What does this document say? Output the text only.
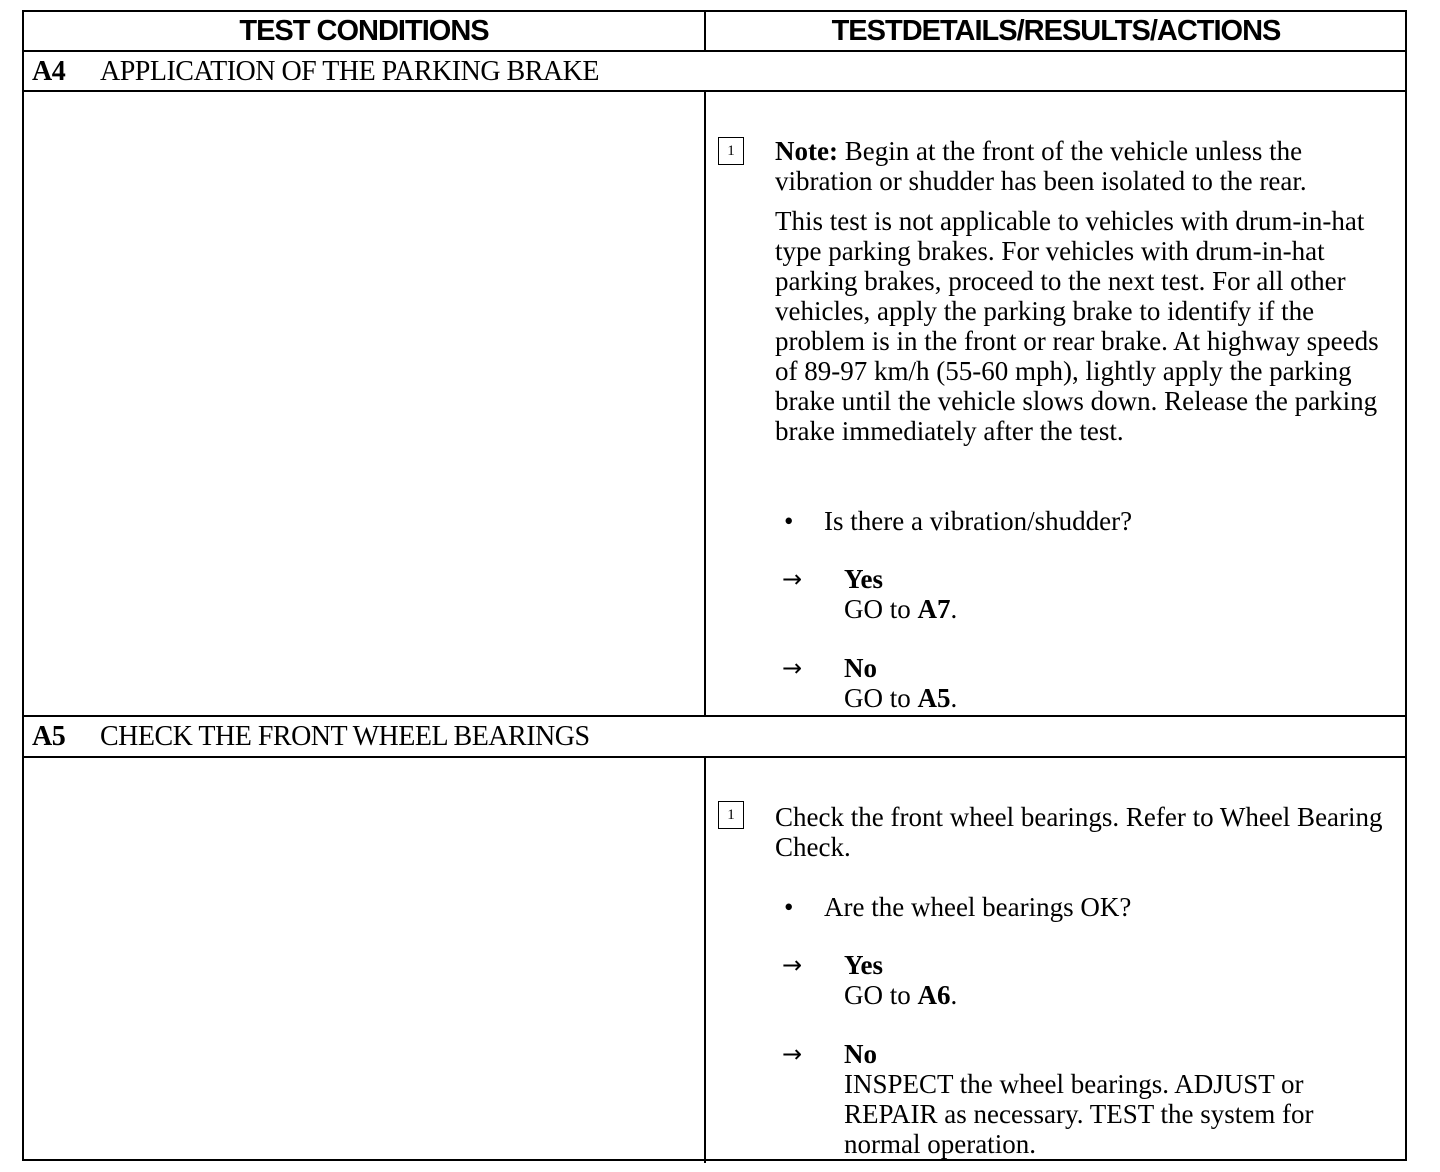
TEST CONDITIONS	TESTDETAILS/RESULTS/ACTIONS
A4 APPLICATION OF THE PARKING BRAKE
1	Note: Begin at the front of the vehicle unless the vibration or shudder has been isolated to the rear.
This test is not applicable to vehicles with drum-in-hat type parking brakes. For vehicles with drum-in-hat parking brakes, proceed to the next test. For all other vehicles, apply the parking brake to identify if the problem is in the front or rear brake. At highway speeds of 89-97 km/h (55-60 mph), lightly apply the parking brake until the vehicle slows down. Release the parking brake immediately after the test.
• Is there a vibration/shudder?
→ Yes
GO to A7.
→ No
GO to A5.
A5 CHECK THE FRONT WHEEL BEARINGS
1	Check the front wheel bearings. Refer to Wheel Bearing Check.
• Are the wheel bearings OK?
→ Yes
GO to A6.
→ No
INSPECT the wheel bearings. ADJUST or REPAIR as necessary. TEST the system for normal operation.
